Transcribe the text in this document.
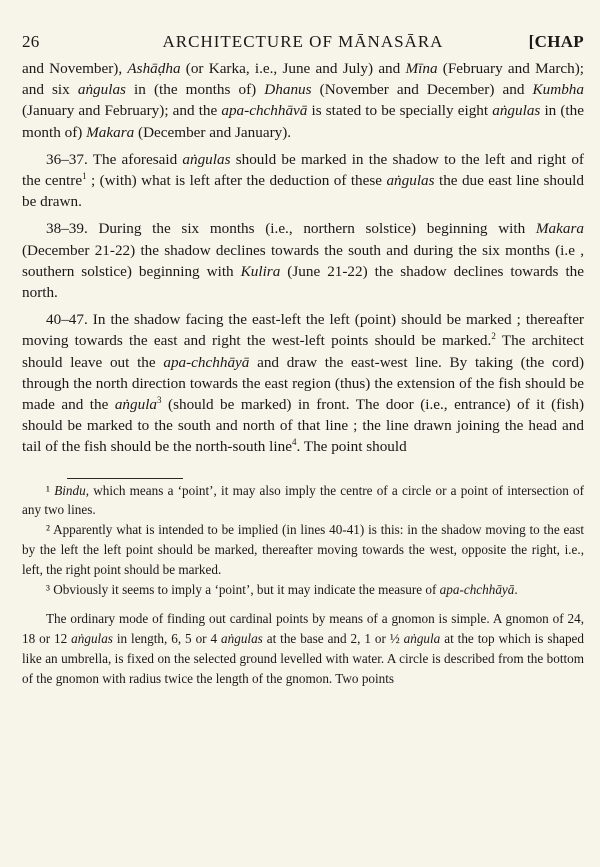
26	ARCHITECTURE OF MĀNASĀRA	[CHAP

and November), Ashāḍha (or Karka, i.e., June and July) and Mīna (February and March); and six aṅgulas in (the months of) Dhanus (November and December) and Kumbha (January and February); and the apa-chchhāvā is stated to be specially eight aṅgulas in (the month of) Makara (December and January).

36–37. The aforesaid aṅgulas should be marked in the shadow to the left and right of the centre$^1$ ; (with) what is left after the deduction of these aṅgulas the due east line should be drawn.

38–39. During the six months (i.e., northern solstice) beginning with Makara (December 21-22) the shadow declines towards the south and during the six months (i.e , southern solstice) beginning with Kulira (June 21-22) the shadow declines towards the north.

40–47. In the shadow facing the east-left the left (point) should be marked ; thereafter moving towards the east and right the west-left points should be marked.$^2$ The architect should leave out the apa-chchhāyā and draw the east-west line. By taking (the cord) through the north direction towards the east region (thus) the extension of the fish should be made and the aṅgula$^3$ (should be marked) in front. The door (i.e., entrance) of it (fish) should be marked to the south and north of that line ; the line drawn joining the head and tail of the fish should be the north-south line$^4$. The point should

¹ Bindu, which means a ‘point’, it may also imply the centre of a circle or a point of intersection of any two lines.

² Apparently what is intended to be implied (in lines 40-41) is this: in the shadow moving to the east by the left the left point should be marked, thereafter moving towards the west, opposite the right, i.e., left, the right point should be marked.

³ Obviously it seems to imply a ‘point’, but it may indicate the measure of apa-chchhāyā.

The ordinary mode of finding out cardinal points by means of a gnomon is simple. A gnomon of 24, 18 or 12 aṅgulas in length, 6, 5 or 4 aṅgulas at the base and 2, 1 or ½ aṅgula at the top which is shaped like an umbrella, is fixed on the selected ground levelled with water. A circle is described from the bottom of the gnomon with radius twice the length of the gnomon. Two points
